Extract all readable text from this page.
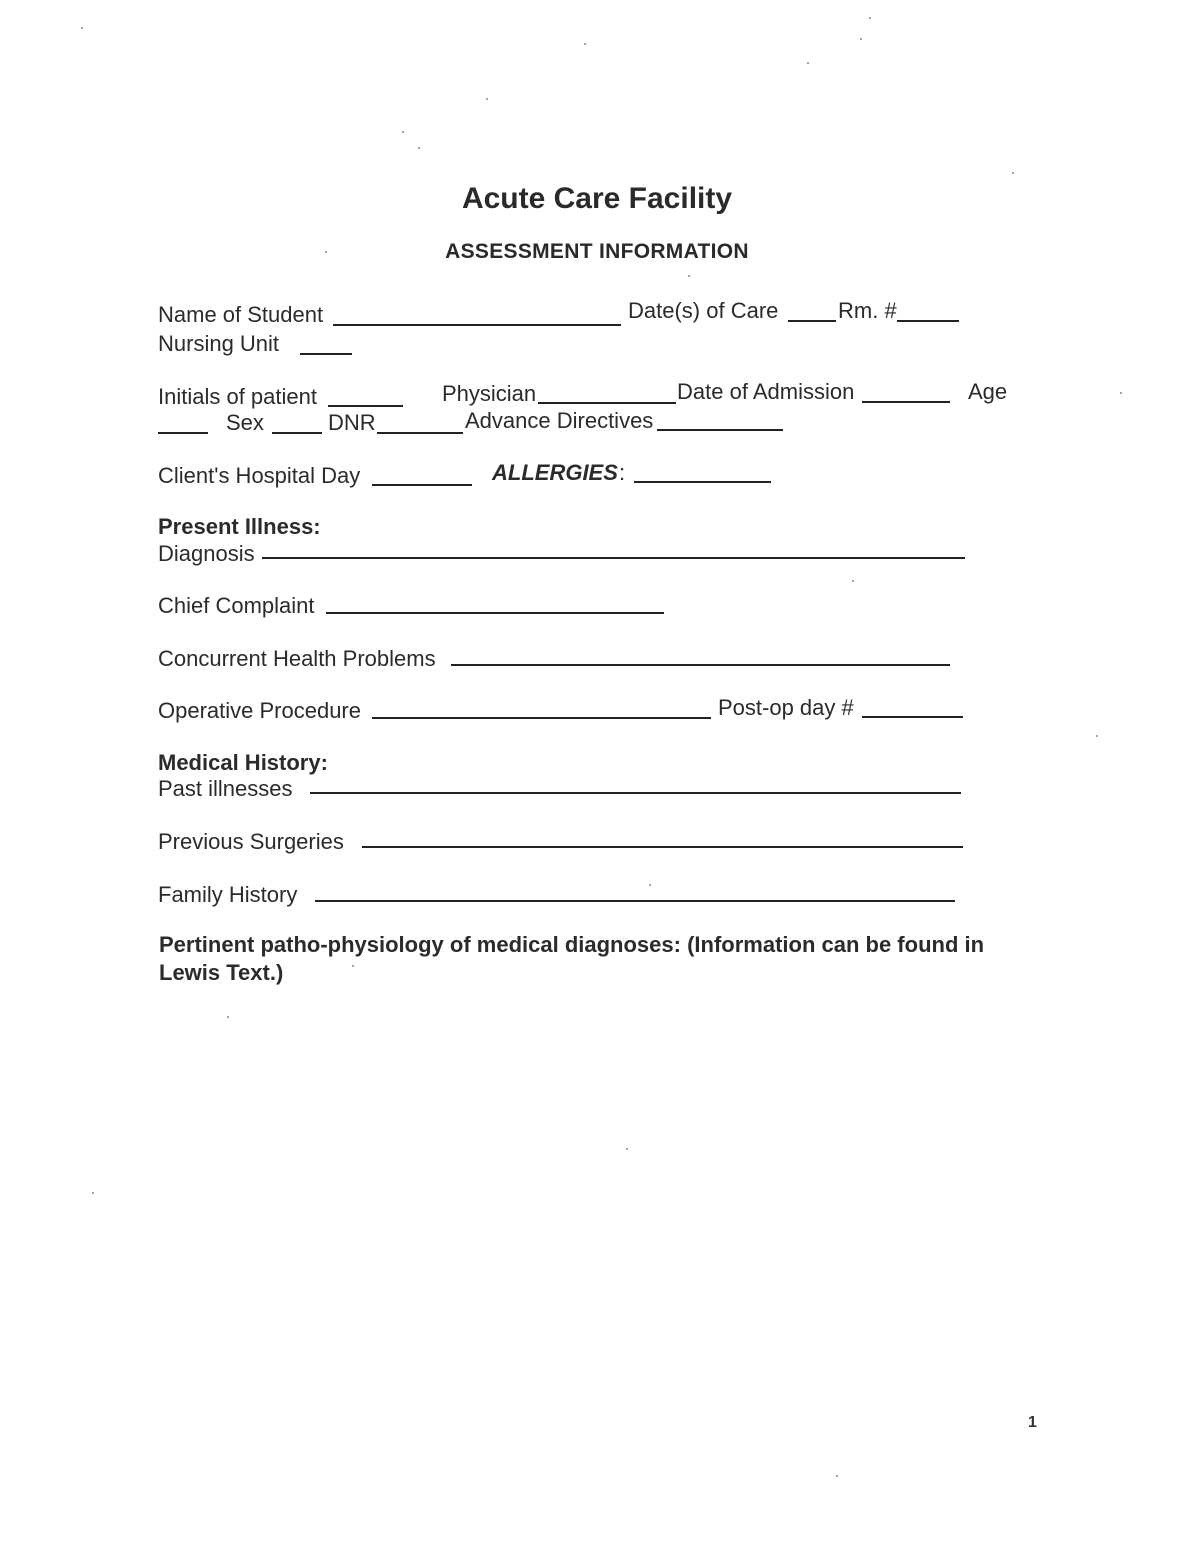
Acute Care Facility
ASSESSMENT INFORMATION
Name of Student	Date(s) of Care	Rm. #
Nursing Unit
Initials of patient	Physician	Date of Admission	Age
Sex	DNR	Advance Directives
Client's Hospital Day	ALLERGIES :
Present Illness:
Diagnosis
Chief Complaint
Concurrent Health Problems
Operative Procedure	Post-op day #
Medical History:
Past illnesses
Previous Surgeries
Family History
Pertinent patho-physiology of medical diagnoses: (Information can be found in
Lewis Text.)
1
